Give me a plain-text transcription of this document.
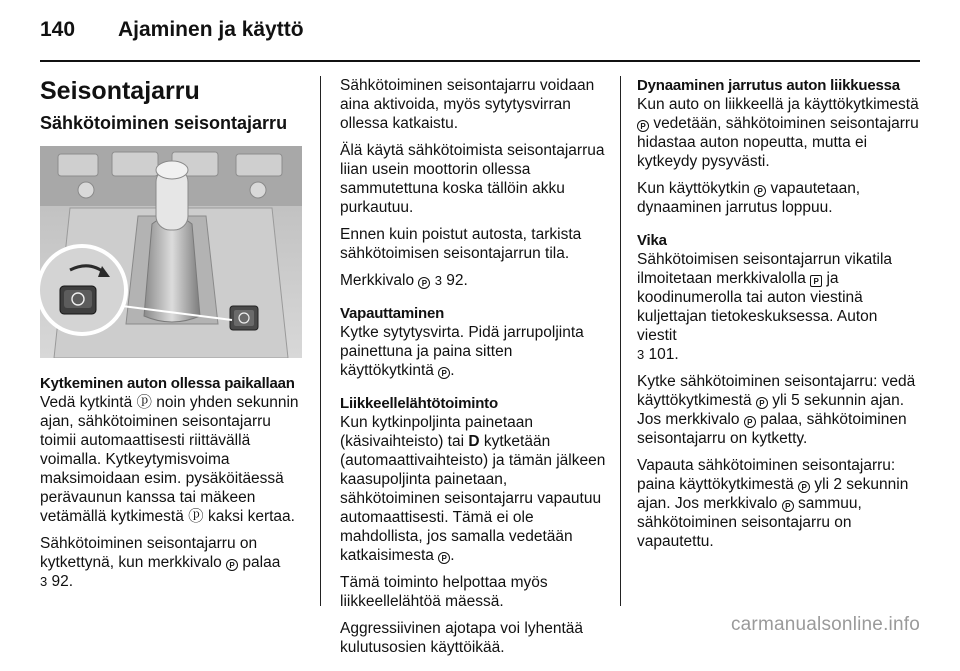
140	Ajaminen ja käyttö
Seisontajarru
Sähkötoiminen seisontajarru
Kytkeminen auton ollessa paikallaan

Vedä kytkintä ⓟ noin yhden sekunnin ajan, sähkötoiminen seisontajarru toimii automaattisesti riittävällä voimalla. Kytkeytymisvoima maksimoidaan esim. pysäköitäessä perävaunun kanssa tai mäkeen vetämällä kytkimestä ⓟ kaksi kertaa.

Sähkötoiminen seisontajarru on kytkettynä, kun merkkivalo P palaa
3 92.

Sähkötoiminen seisontajarru voidaan aina aktivoida, myös sytytysvirran ollessa katkaistu.

Älä käytä sähkötoimista seisontajarrua liian usein moottorin ollessa sammutettuna koska tällöin akku purkautuu.

Ennen kuin poistut autosta, tarkista sähkötoimisen seisontajarrun tila.

Merkkivalo P 3 92.

Vapauttaminen

Kytke sytytysvirta. Pidä jarrupoljinta painettuna ja paina sitten käyttökytkintä P .

Liikkeellelähtötoiminto

Kun kytkinpoljinta painetaan (käsivaihteisto) tai D kytketään (automaattivaihteisto) ja tämän jälkeen kaasupoljinta painetaan, sähkötoiminen seisontajarru vapautuu automaattisesti. Tämä ei ole mahdollista, jos samalla vedetään katkaisimesta P .

Tämä toiminto helpottaa myös liikkeellelähtöä mäessä.

Aggressiivinen ajotapa voi lyhentää kulutusosien käyttöikää.

Dynaaminen jarrutus auton liikkuessa

Kun auto on liikkeellä ja käyttökytkimestä P vedetään, sähkötoiminen seisontajarru hidastaa auton nopeutta, mutta ei kytkeydy pysyvästi.

Kun käyttökytkin P vapautetaan, dynaaminen jarrutus loppuu.

Vika

Sähkötoimisen seisontajarrun vikatila ilmoitetaan merkkivalolla P ja koodinumerolla tai auton viestinä kuljettajan tietokeskuksessa. Auton viestit
3 101.

Kytke sähkötoiminen seisontajarru: vedä käyttökytkimestä P yli 5 sekunnin ajan. Jos merkkivalo P palaa, sähkötoiminen seisontajarru on kytketty.

Vapauta sähkötoiminen seisontajarru: paina käyttökytkimestä P yli 2 sekunnin ajan. Jos merkkivalo P sammuu, sähkötoiminen seisontajarru on vapautettu.

carmanualsonline.info
